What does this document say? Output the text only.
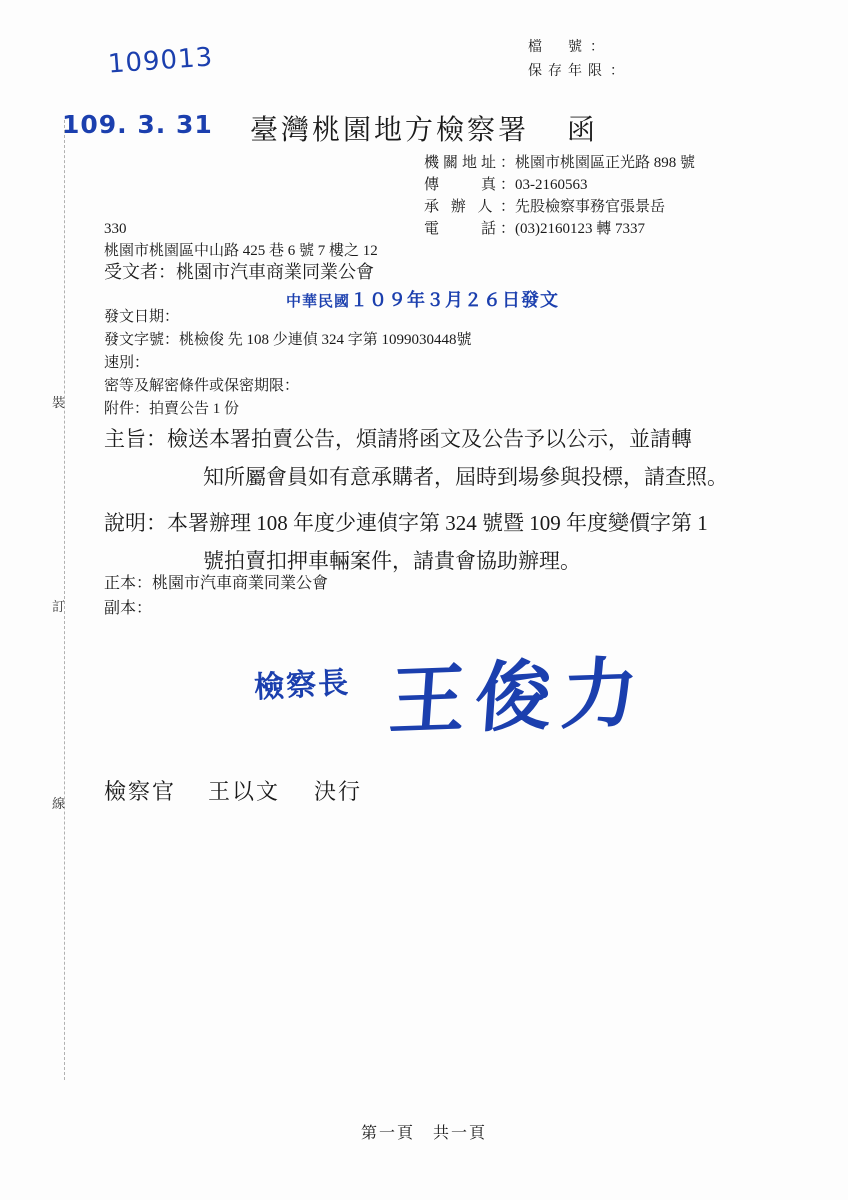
檔　號 ：
保存年限 ：
109013
109. 3. 31 臺灣桃園地方檢察署 函
機關地址 ：桃園市桃園區正光路 898 號
傳　　真 ：03-2160563
承 辦 人 ：先股檢察事務官張景岳
電　　話 ：(03)2160123 轉 7337
330
桃園市桃園區中山路 425 巷 6 號 7 樓之 12
受文者：桃園市汽車商業同業公會
中華民國１０９年３月２６日發文
發文日期：
發文字號：桃檢俊 先 108 少連偵 324 字第 1099030448號
速別：
密等及解密條件或保密期限：
附件：拍賣公告 1 份
主旨： 檢送本署拍賣公告，煩請將函文及公告予以公示，並請轉
知所屬會員如有意承購者，屆時到場參與投標，請查照。
說明： 本署辦理 108 年度少連偵字第 324 號暨 109 年度變價字第 1
號拍賣扣押車輛案件，請貴會協助辦理。
正本：桃園市汽車商業同業公會
副本：
檢察長 王俊力
檢察官 王以文 決行
裝
訂
線
第一頁 共一頁
